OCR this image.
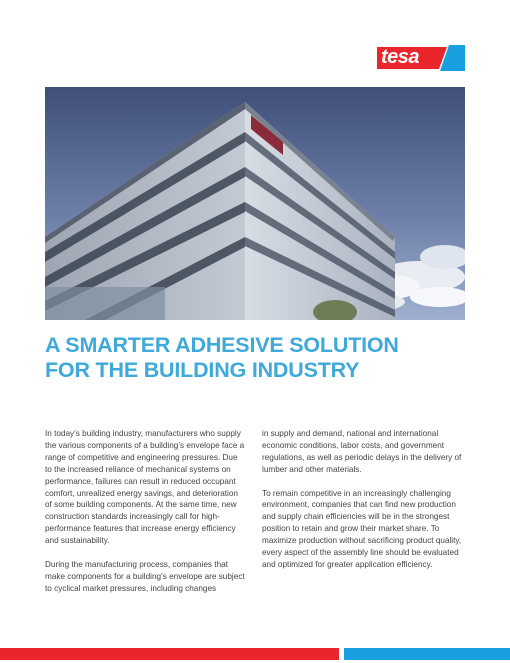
tesa
A SMARTER ADHESIVE SOLUTION
FOR THE BUILDING INDUSTRY

In today’s building industry, manufacturers who supply the various components of a building’s envelope face a range of competitive and engineering pressures. Due to the increased reliance of mechanical systems on performance, failures can result in reduced occupant comfort, unrealized energy savings, and deterioration of some building components. At the same time, new construction standards increasingly call for high-performance features that increase energy efficiency and sustainability.

During the manufacturing process, companies that make components for a building’s envelope are subject to cyclical market pressures, including changes

in supply and demand, national and international economic conditions, labor costs, and government regulations, as well as periodic delays in the delivery of lumber and other materials.

To remain competitive in an increasingly challenging environment, companies that can find new production and supply chain efficiencies will be in the strongest position to retain and grow their market share. To maximize production without sacrificing product quality, every aspect of the assembly line should be evaluated and optimized for greater application efficiency.
